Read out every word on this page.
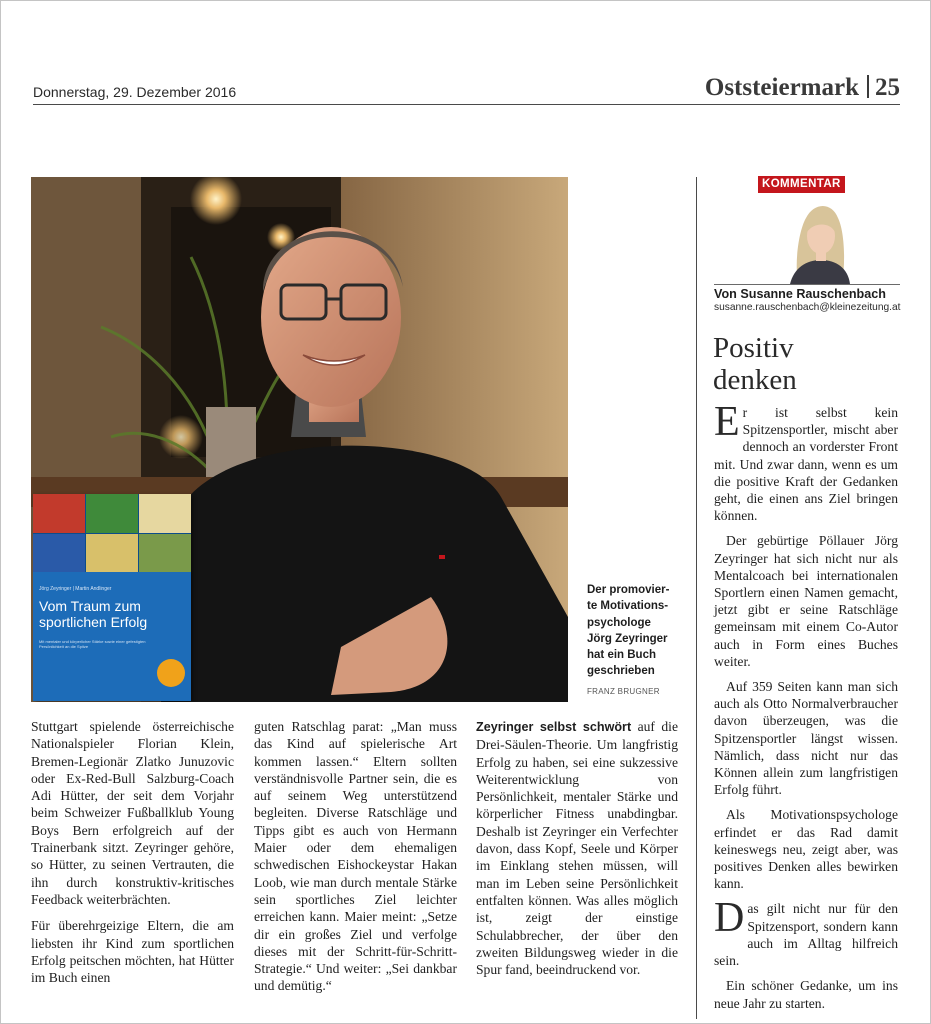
Donnerstag, 29. Dezember 2016	Oststeiermark 25
Jörg Zeyringer | Martin Andlinger
Vom Traum zum sportlichen Erfolg
Mit mentaler und körperlicher Stärke sowie einer gefestigten Persönlichkeit an die Spitze
Der promovier-
te Motivations-
psychologe
Jörg Zeyringer
hat ein Buch
geschrieben
FRANZ BRUGNER

Stuttgart spielende österreichische Nationalspieler Florian Klein, Bremen-Legionär Zlatko Junuzovic oder Ex-Red-Bull Salzburg-Coach Adi Hütter, der seit dem Vorjahr beim Schweizer Fußballklub Young Boys Bern erfolgreich auf der Trainerbank sitzt. Zeyringer gehöre, so Hütter, zu seinen Vertrauten, die ihn durch konstruktiv-kritisches Feedback weiterbrächten.

Für überehrgeizige Eltern, die am liebsten ihr Kind zum sportlichen Erfolg peitschen möchten, hat Hütter im Buch einen

guten Ratschlag parat: „Man muss das Kind auf spielerische Art kommen lassen.“ Eltern sollten verständnisvolle Partner sein, die es auf seinem Weg unterstützend begleiten. Diverse Ratschläge und Tipps gibt es auch von Hermann Maier oder dem ehemaligen schwedischen Eishockeystar Hakan Loob, wie man durch mentale Stärke sein sportliches Ziel leichter erreichen kann. Maier meint: „Setze dir ein großes Ziel und verfolge dieses mit der Schritt-für-Schritt-Strategie.“ Und weiter: „Sei dankbar und demütig.“

Zeyringer selbst schwört auf die Drei-Säulen-Theorie. Um langfristig Erfolg zu haben, sei eine sukzessive Weiterentwicklung von Persönlichkeit, mentaler Stärke und körperlicher Fitness unabdingbar. Deshalb ist Zeyringer ein Verfechter davon, dass Kopf, Seele und Körper im Einklang stehen müssen, will man im Leben seine Persönlichkeit entfalten können. Was alles möglich ist, zeigt der einstige Schulabbrecher, der über den zweiten Bildungsweg wieder in die Spur fand, beeindruckend vor.

KOMMENTAR
Von Susanne Rauschenbach
susanne.rauschenbach@kleinezeitung.at
Positiv
denken

Er ist selbst kein Spitzensportler, mischt aber dennoch an vorderster Front mit. Und zwar dann, wenn es um die positive Kraft der Gedanken geht, die einen ans Ziel bringen können.

Der gebürtige Pöllauer Jörg Zeyringer hat sich nicht nur als Mentalcoach bei internationalen Sportlern einen Namen gemacht, jetzt gibt er seine Ratschläge gemeinsam mit einem Co-Autor auch in Form eines Buches weiter.

Auf 359 Seiten kann man sich auch als Otto Normalverbraucher davon überzeugen, was die Spitzensportler längst wissen. Nämlich, dass nicht nur das Können allein zum langfristigen Erfolg führt.

Als Motivationspsychologe erfindet er das Rad damit keineswegs neu, zeigt aber, was positives Denken alles bewirken kann.

Das gilt nicht nur für den Spitzensport, sondern kann auch im Alltag hilfreich sein.

Ein schöner Gedanke, um ins neue Jahr zu starten.
